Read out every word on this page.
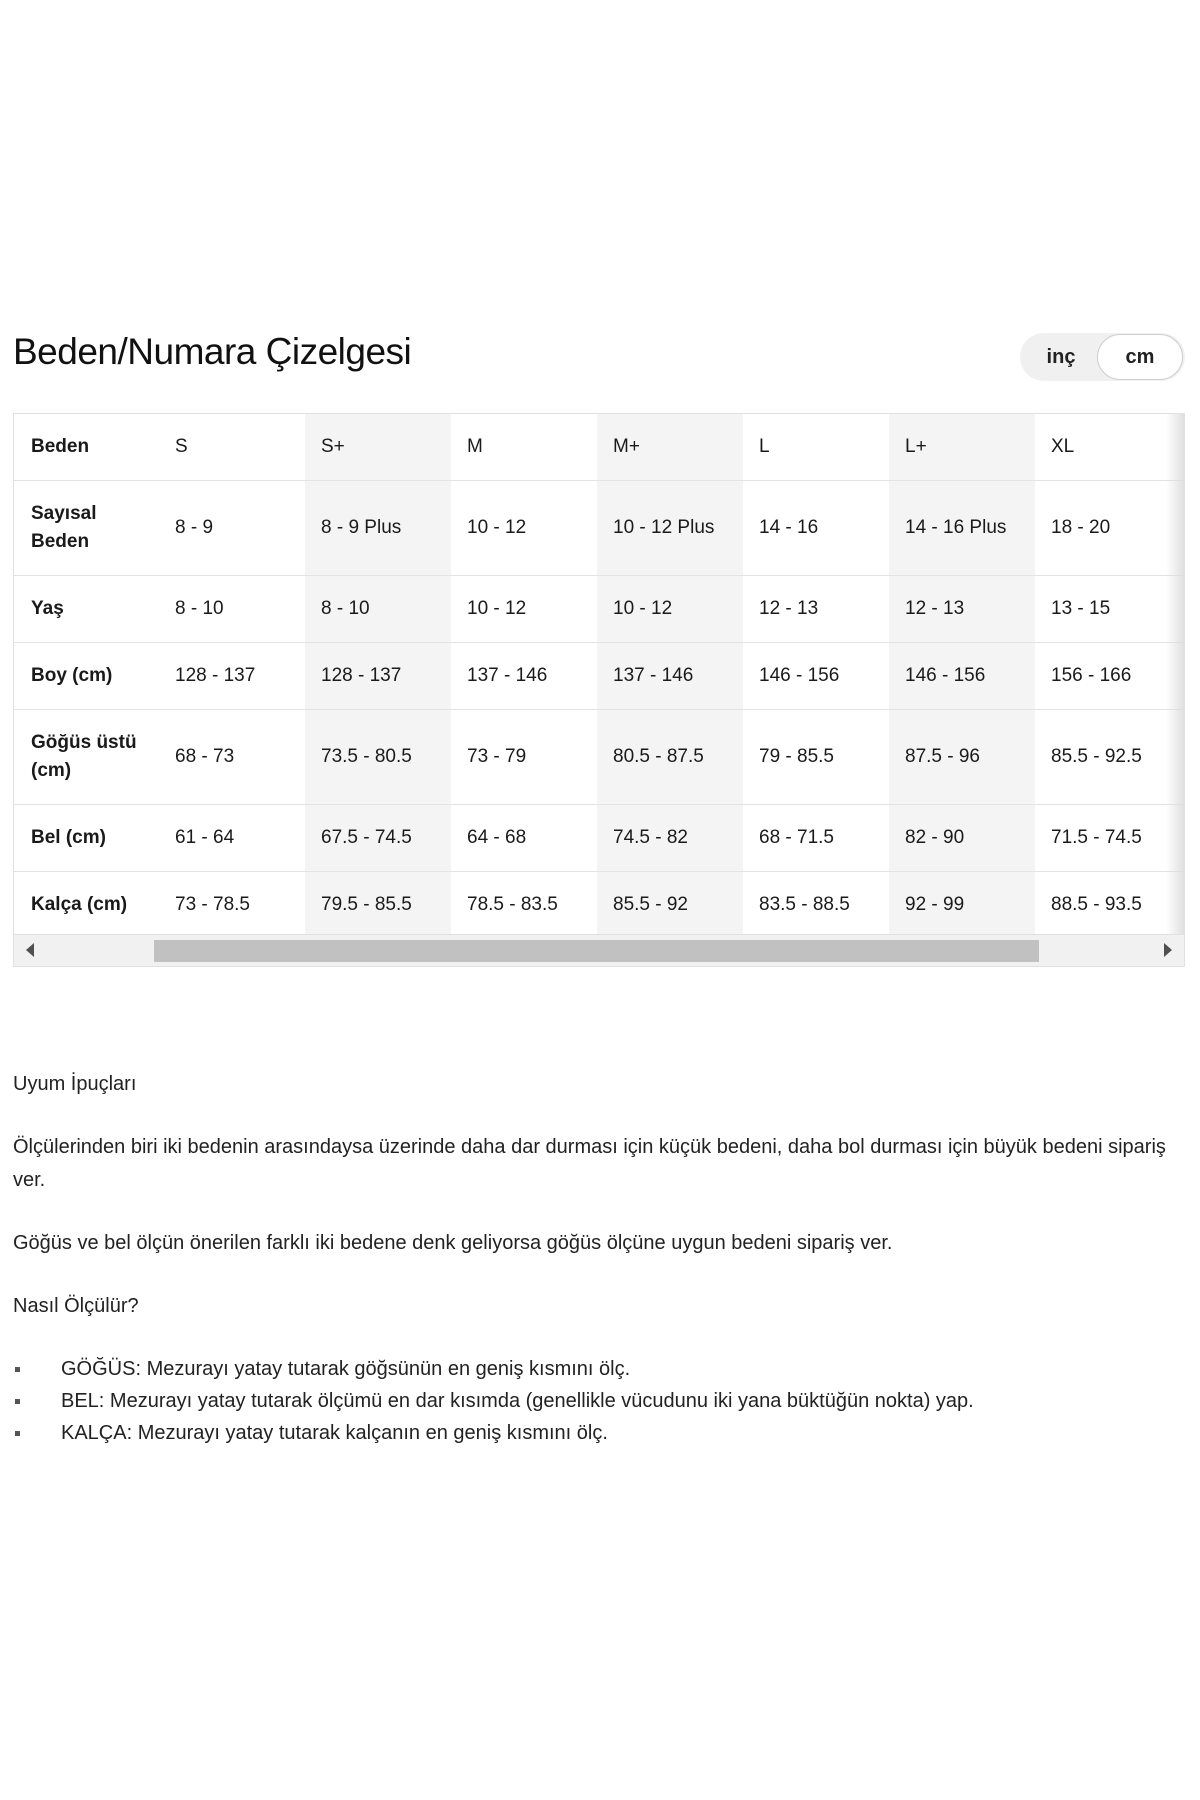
Beden/Numara Çizelgesi	inç	cm
Beden	S	S+	M	M+	L	L+	XL
Sayısal Beden	8 - 9	8 - 9 Plus	10 - 12	10 - 12 Plus	14 - 16	14 - 16 Plus	18 - 20
Yaş	8 - 10	8 - 10	10 - 12	10 - 12	12 - 13	12 - 13	13 - 15
Boy (cm)	128 - 137	128 - 137	137 - 146	137 - 146	146 - 156	146 - 156	156 - 166
Göğüs üstü (cm)	68 - 73	73.5 - 80.5	73 - 79	80.5 - 87.5	79 - 85.5	87.5 - 96	85.5 - 92.5
Bel (cm)	61 - 64	67.5 - 74.5	64 - 68	74.5 - 82	68 - 71.5	82 - 90	71.5 - 74.5
Kalça (cm)	73 - 78.5	79.5 - 85.5	78.5 - 83.5	85.5 - 92	83.5 - 88.5	92 - 99	88.5 - 93.5

Uyum İpuçları

Ölçülerinden biri iki bedenin arasındaysa üzerinde daha dar durması için küçük bedeni, daha bol durması için büyük bedeni sipariş ver.

Göğüs ve bel ölçün önerilen farklı iki bedene denk geliyorsa göğüs ölçüne uygun bedeni sipariş ver.

Nasıl Ölçülür?

GÖĞÜS: Mezurayı yatay tutarak göğsünün en geniş kısmını ölç.
BEL: Mezurayı yatay tutarak ölçümü en dar kısımda (genellikle vücudunu iki yana büktüğün nokta) yap.
KALÇA: Mezurayı yatay tutarak kalçanın en geniş kısmını ölç.
